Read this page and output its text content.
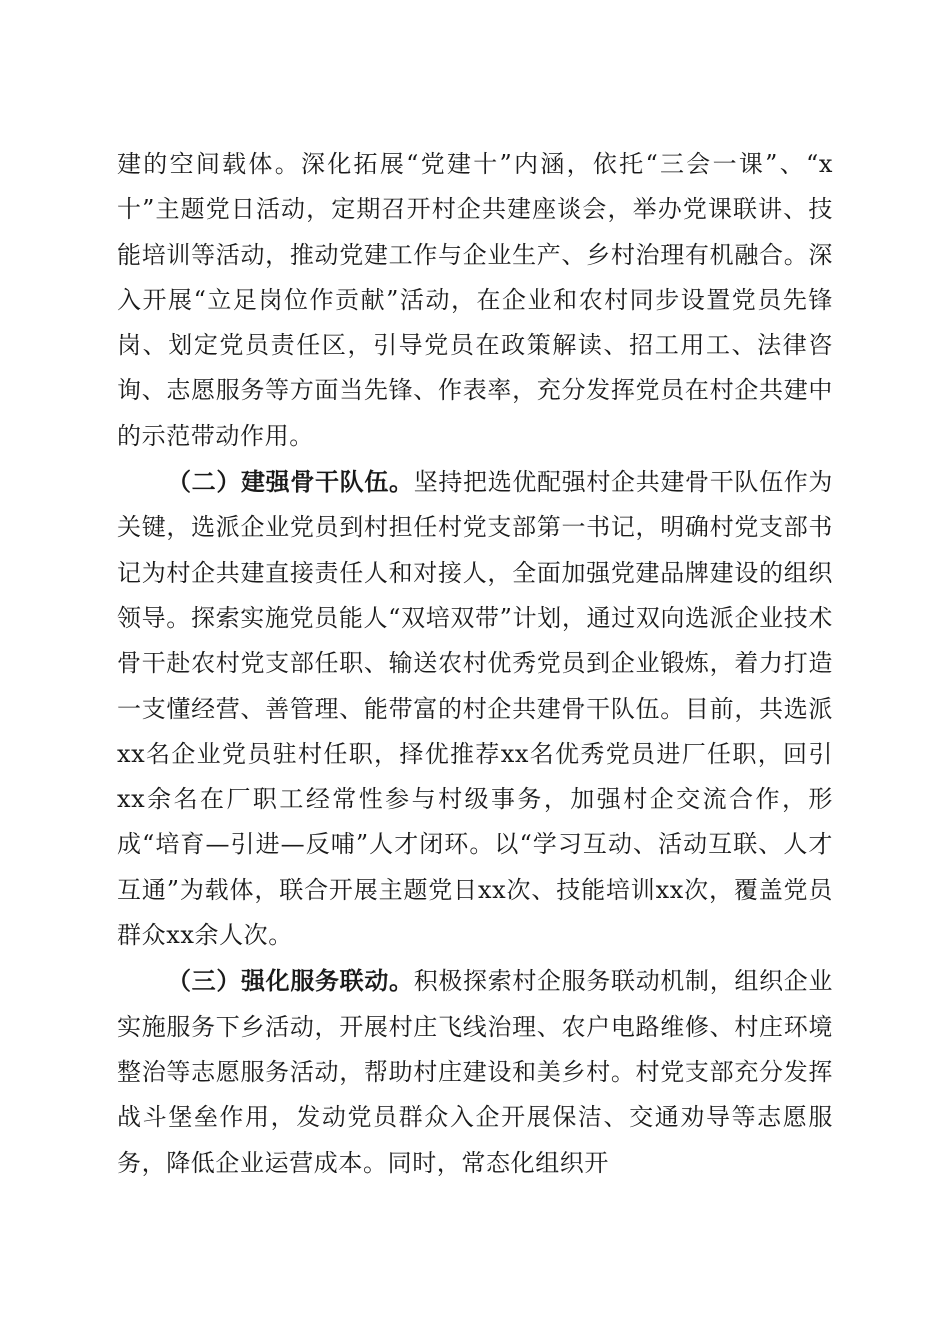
建的空间载体。深化拓展“党建十”内涵，依托“三会一课”、“x十”主题党日活动，定期召开村企共建座谈会，举办党课联讲、技能培训等活动，推动党建工作与企业生产、乡村治理有机融合。深入开展“立足岗位作贡献”活动，在企业和农村同步设置党员先锋岗、划定党员责任区，引导党员在政策解读、招工用工、法律咨询、志愿服务等方面当先锋、作表率，充分发挥党员在村企共建中的示范带动作用。

（二）建强骨干队伍。坚持把选优配强村企共建骨干队伍作为关键，选派企业党员到村担任村党支部第一书记，明确村党支部书记为村企共建直接责任人和对接人，全面加强党建品牌建设的组织领导。探索实施党员能人“双培双带”计划，通过双向选派企业技术骨干赴农村党支部任职、输送农村优秀党员到企业锻炼，着力打造一支懂经营、善管理、能带富的村企共建骨干队伍。目前，共选派xx名企业党员驻村任职，择优推荐xx名优秀党员进厂任职，回引xx余名在厂职工经常性参与村级事务，加强村企交流合作，形成“培育—引进—反哺”人才闭环。以“学习互动、活动互联、人才互通”为载体，联合开展主题党日xx次、技能培训xx次，覆盖党员群众xx余人次。

（三）强化服务联动。积极探索村企服务联动机制，组织企业实施服务下乡活动，开展村庄飞线治理、农户电路维修、村庄环境整治等志愿服务活动，帮助村庄建设和美乡村。村党支部充分发挥战斗堡垒作用，发动党员群众入企开展保洁、交通劝导等志愿服务，降低企业运营成本。同时，常态化组织开
